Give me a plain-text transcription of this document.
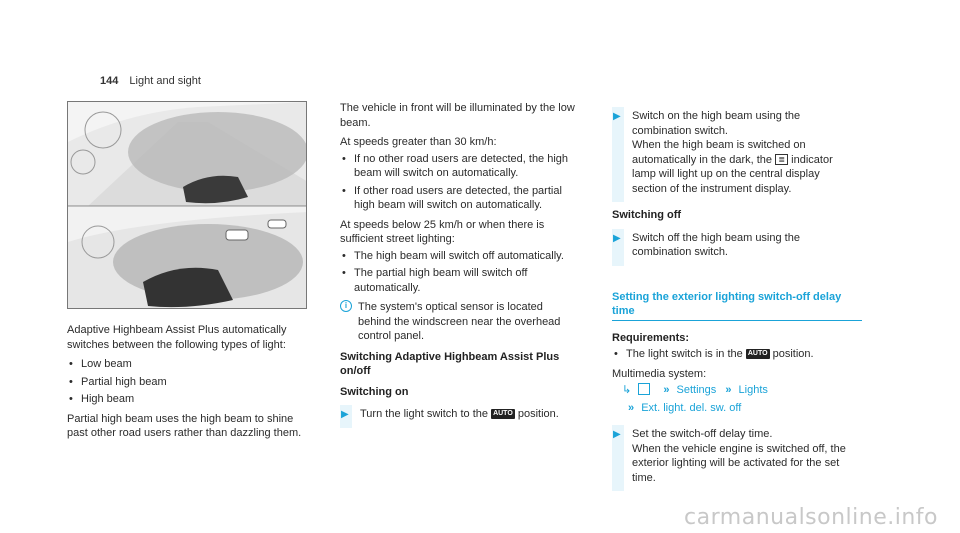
144 Light and sight

Adaptive Highbeam Assist Plus automatically switches between the following types of light:

• Low beam
• Partial high beam
• High beam

Partial high beam uses the high beam to shine past other road users rather than dazzling them.

The vehicle in front will be illuminated by the low beam.

At speeds greater than 30 km/h:

• If no other road users are detected, the high beam will switch on automatically.
• If other road users are detected, the partial high beam will switch on automatically.

At speeds below 25 km/h or when there is sufficient street lighting:

• The high beam will switch off automatically.
• The partial high beam will switch off automatically.
i The system's optical sensor is located behind the windscreen near the overhead control panel.
Switching Adaptive Highbeam Assist Plus on/off
Switching on
▶ Turn the light switch to the AUTO position.
▶ Switch on the high beam using the combination switch.
When the high beam is switched on automatically in the dark, the ≣ indicator lamp will light up on the central display section of the instrument display.
Switching off
▶ Switch off the high beam using the combination switch.
Setting the exterior lighting switch-off delay time
Requirements:
• The light switch is in the AUTO position.

Multimedia system:

↳	» Settings » Lights
» Ext. light. del. sw. off
▶ Set the switch-off delay time.
When the vehicle engine is switched off, the exterior lighting will be activated for the set time.
carmanualsonline.info
